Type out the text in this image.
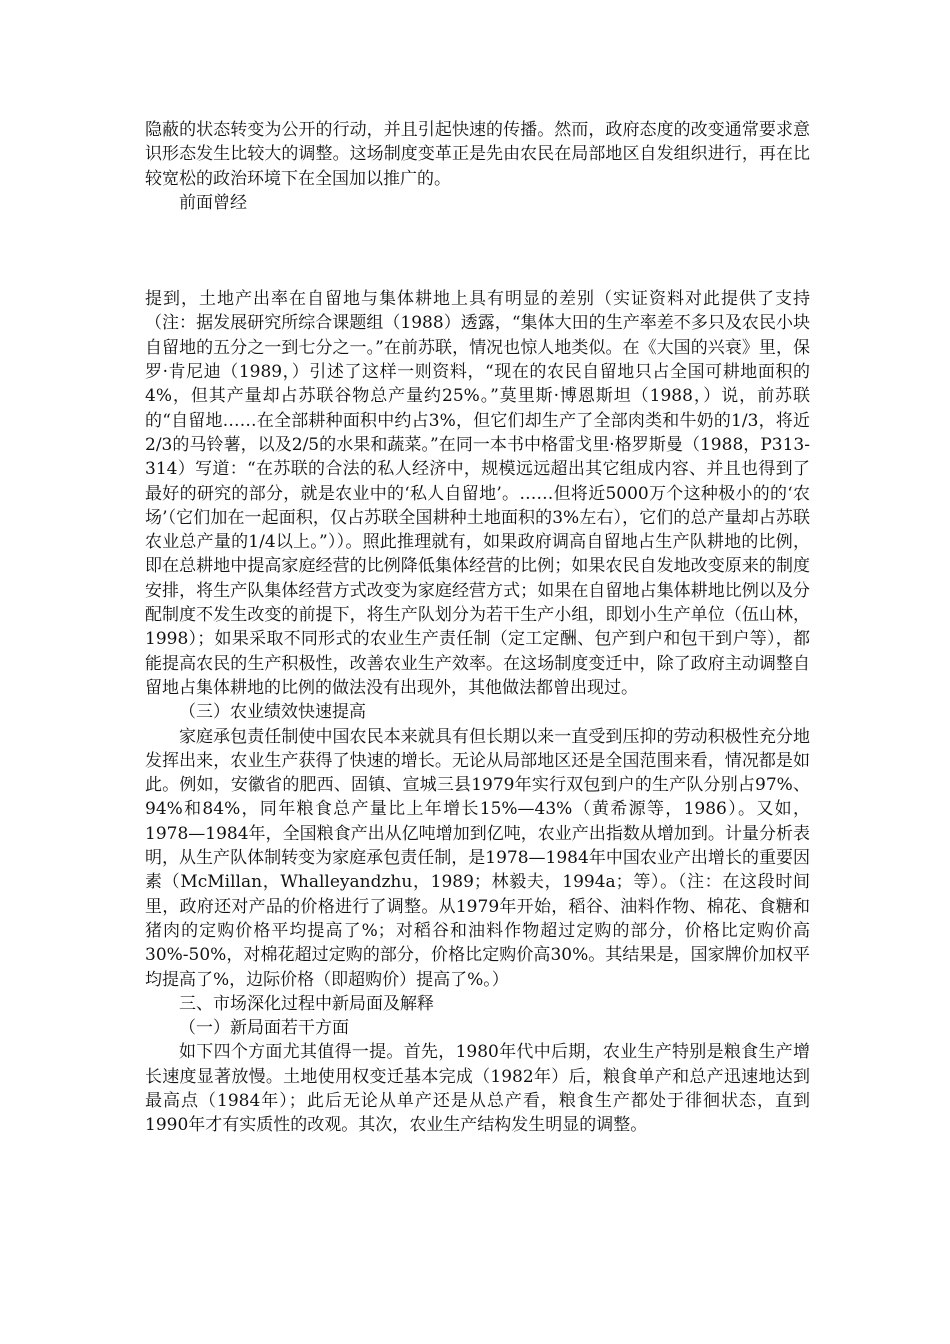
隐蔽的状态转变为公开的行动，并且引起快速的传播。然而，政府态度的改变通常要求意识形态发生比较大的调整。这场制度变革正是先由农民在局部地区自发组织进行，再在比较宽松的政治环境下在全国加以推广的。

前面曾经

提到，土地产出率在自留地与集体耕地上具有明显的差别（实证资料对此提供了支持（注：据发展研究所综合课题组（1988）透露，“集体大田的生产率差不多只及农民小块自留地的五分之一到七分之一。”在前苏联，情况也惊人地类似。在《大国的兴衰》里，保罗·肯尼迪（1989，）引述了这样一则资料，“现在的农民自留地只占全国可耕地面积的4%，但其产量却占苏联谷物总产量约25%。”莫里斯·博恩斯坦（1988，）说，前苏联的“自留地……在全部耕种面积中约占3%，但它们却生产了全部肉类和牛奶的1/3，将近2/3的马铃薯，以及2/5的水果和蔬菜。”在同一本书中格雷戈里·格罗斯曼（1988，P313-314）写道：“在苏联的合法的私人经济中，规模远远超出其它组成内容、并且也得到了最好的研究的部分，就是农业中的‘私人自留地’。……但将近5000万个这种极小的的‘农场’（它们加在一起面积，仅占苏联全国耕种土地面积的3%左右），它们的总产量却占苏联农业总产量的1/4以上。”））。照此推理就有，如果政府调高自留地占生产队耕地的比例，即在总耕地中提高家庭经营的比例降低集体经营的比例；如果农民自发地改变原来的制度安排，将生产队集体经营方式改变为家庭经营方式；如果在自留地占集体耕地比例以及分配制度不发生改变的前提下，将生产队划分为若干生产小组，即划小生产单位（伍山林，1998）；如果采取不同形式的农业生产责任制（定工定酬、包产到户和包干到户等），都能提高农民的生产积极性，改善农业生产效率。在这场制度变迁中，除了政府主动调整自留地占集体耕地的比例的做法没有出现外，其他做法都曾出现过。

（三）农业绩效快速提高

家庭承包责任制使中国农民本来就具有但长期以来一直受到压抑的劳动积极性充分地发挥出来，农业生产获得了快速的增长。无论从局部地区还是全国范围来看，情况都是如此。例如，安徽省的肥西、固镇、宣城三县1979年实行双包到户的生产队分别占97%、94%和84%，同年粮食总产量比上年增长15%—43%（黄希源等，1986）。又如，1978—1984年，全国粮食产出从亿吨增加到亿吨，农业产出指数从增加到。计量分析表明，从生产队体制转变为家庭承包责任制，是1978—1984年中国农业产出增长的重要因素（McMillan，Whalleyandzhu，1989；林毅夫，1994a；等）。（注：在这段时间里，政府还对产品的价格进行了调整。从1979年开始，稻谷、油料作物、棉花、食糖和猪肉的定购价格平均提高了%；对稻谷和油料作物超过定购的部分，价格比定购价高30%-50%，对棉花超过定购的部分，价格比定购价高30%。其结果是，国家牌价加权平均提高了%，边际价格（即超购价）提高了%。）

三、市场深化过程中新局面及解释

（一）新局面若干方面

如下四个方面尤其值得一提。首先，1980年代中后期，农业生产特别是粮食生产增长速度显著放慢。土地使用权变迁基本完成（1982年）后，粮食单产和总产迅速地达到最高点（1984年）；此后无论从单产还是从总产看，粮食生产都处于徘徊状态，直到1990年才有实质性的改观。其次，农业生产结构发生明显的调整。
